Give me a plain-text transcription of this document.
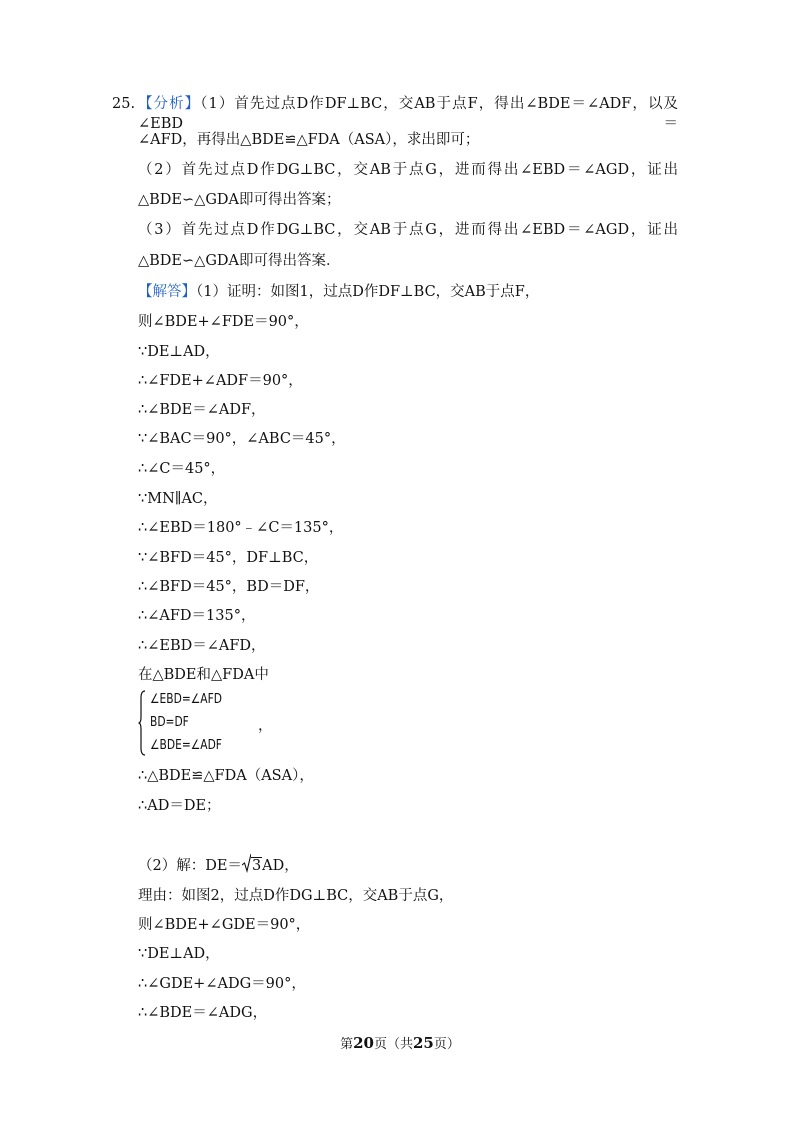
25. 【分析】（1）首先过点D作DF⊥BC，交AB于点F，得出∠BDE＝∠ADF，以及∠EBD＝
∠AFD，再得出△BDE≌△FDA（ASA），求出即可；
（2）首先过点D作DG⊥BC，交AB于点G，进而得出∠EBD＝∠AGD，证出
△BDE∽△GDA即可得出答案；
（3）首先过点D作DG⊥BC，交AB于点G，进而得出∠EBD＝∠AGD，证出
△BDE∽△GDA即可得出答案．
【解答】（1）证明：如图1，过点D作DF⊥BC，交AB于点F，
则∠BDE+∠FDE＝90°，
∵DE⊥AD，
∴∠FDE+∠ADF＝90°，
∴∠BDE＝∠ADF，
∵∠BAC＝90°，∠ABC＝45°，
∴∠C＝45°，
∵MN∥AC，
∴∠EBD＝180°﹣∠C＝135°，
∵∠BFD＝45°，DF⊥BC，
∴∠BFD＝45°，BD＝DF，
∴∠AFD＝135°，
∴∠EBD＝∠AFD，
在△BDE和△FDA中
∠EBD=∠AFD
BD=DF
∠BDE=∠ADF
，
∴△BDE≌△FDA（ASA），
∴AD＝DE；
（2）解：DE＝ 3AD，
理由：如图2，过点D作DG⊥BC，交AB于点G，
则∠BDE+∠GDE＝90°，
∵DE⊥AD，
∴∠GDE+∠ADG＝90°，
∴∠BDE＝∠ADG，
第20页（共25页）
